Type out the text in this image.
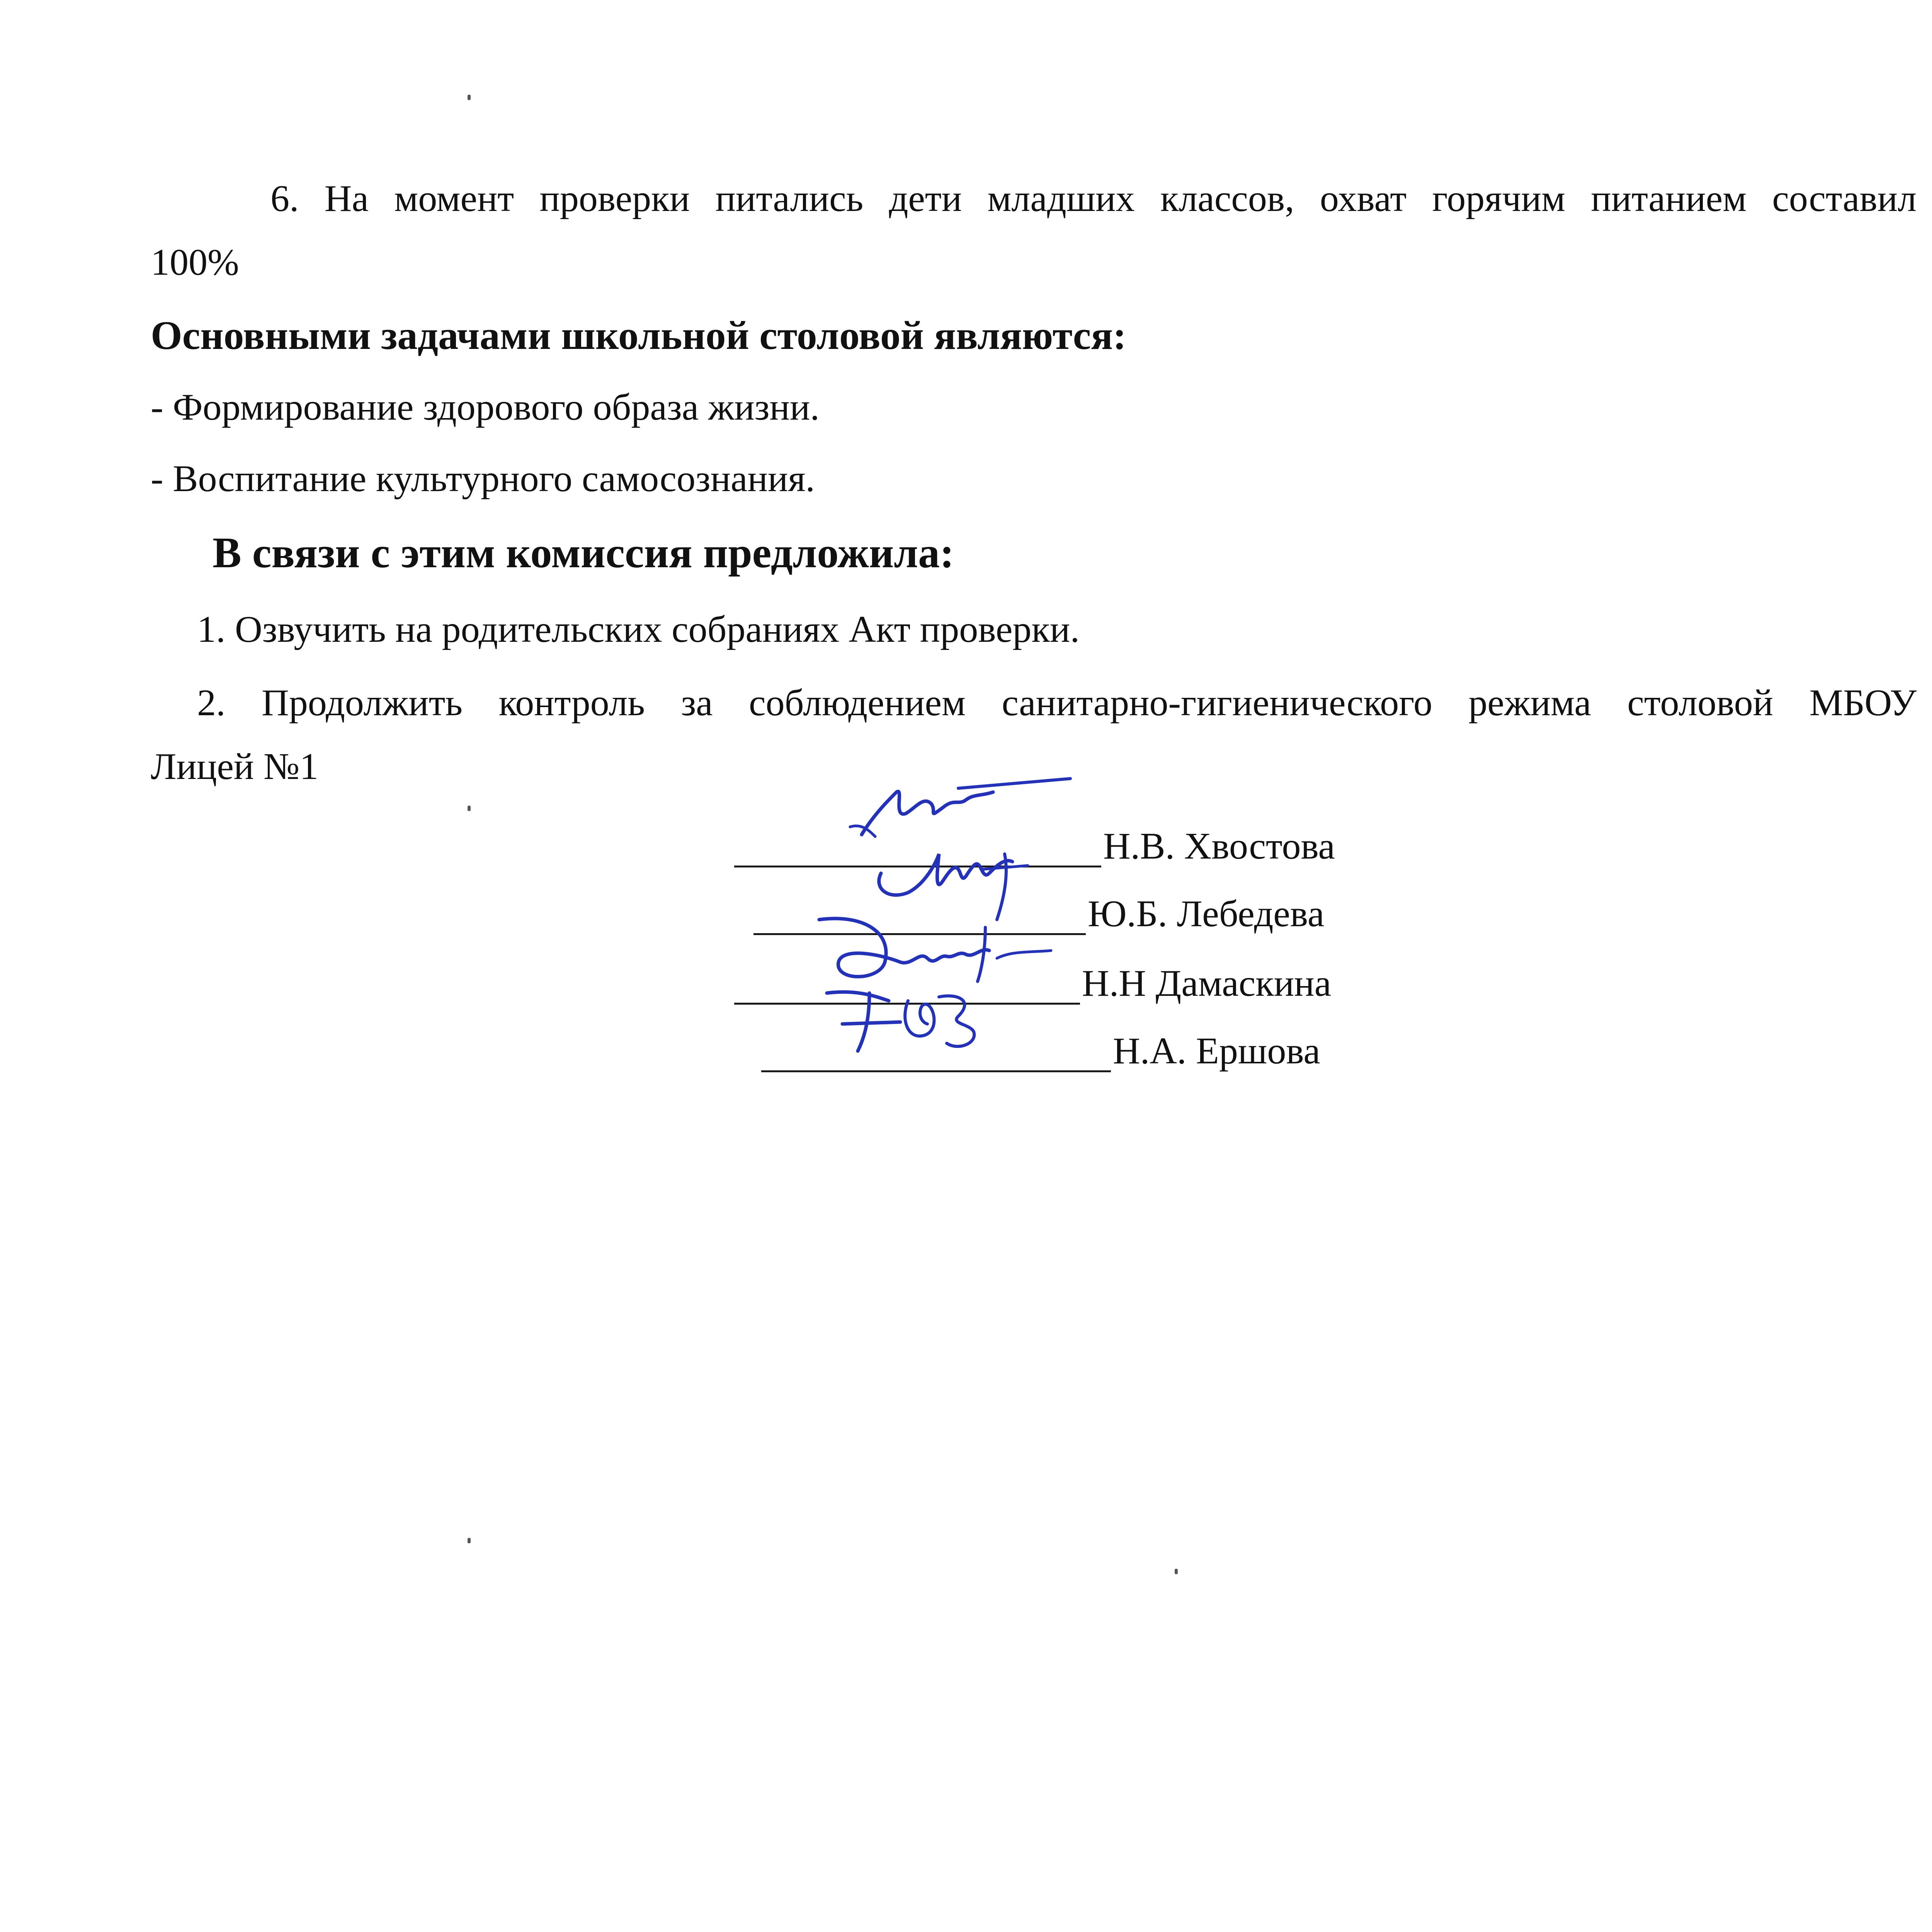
6. На момент проверки питались дети младших классов, охват горячим питанием составил
100%
Основными задачами школьной столовой являются:
- Формирование здорового образа жизни.
- Воспитание культурного самосознания.
В связи с этим комиссия предложила:
1. Озвучить на родительских собраниях Акт проверки.
2. Продолжить контроль за соблюдением санитарно-гигиенического режима столовой МБОУ
Лицей №1
Н.В. Хвостова
Ю.Б. Лебедева
Н.Н Дамаскина
Н.А. Ершова
